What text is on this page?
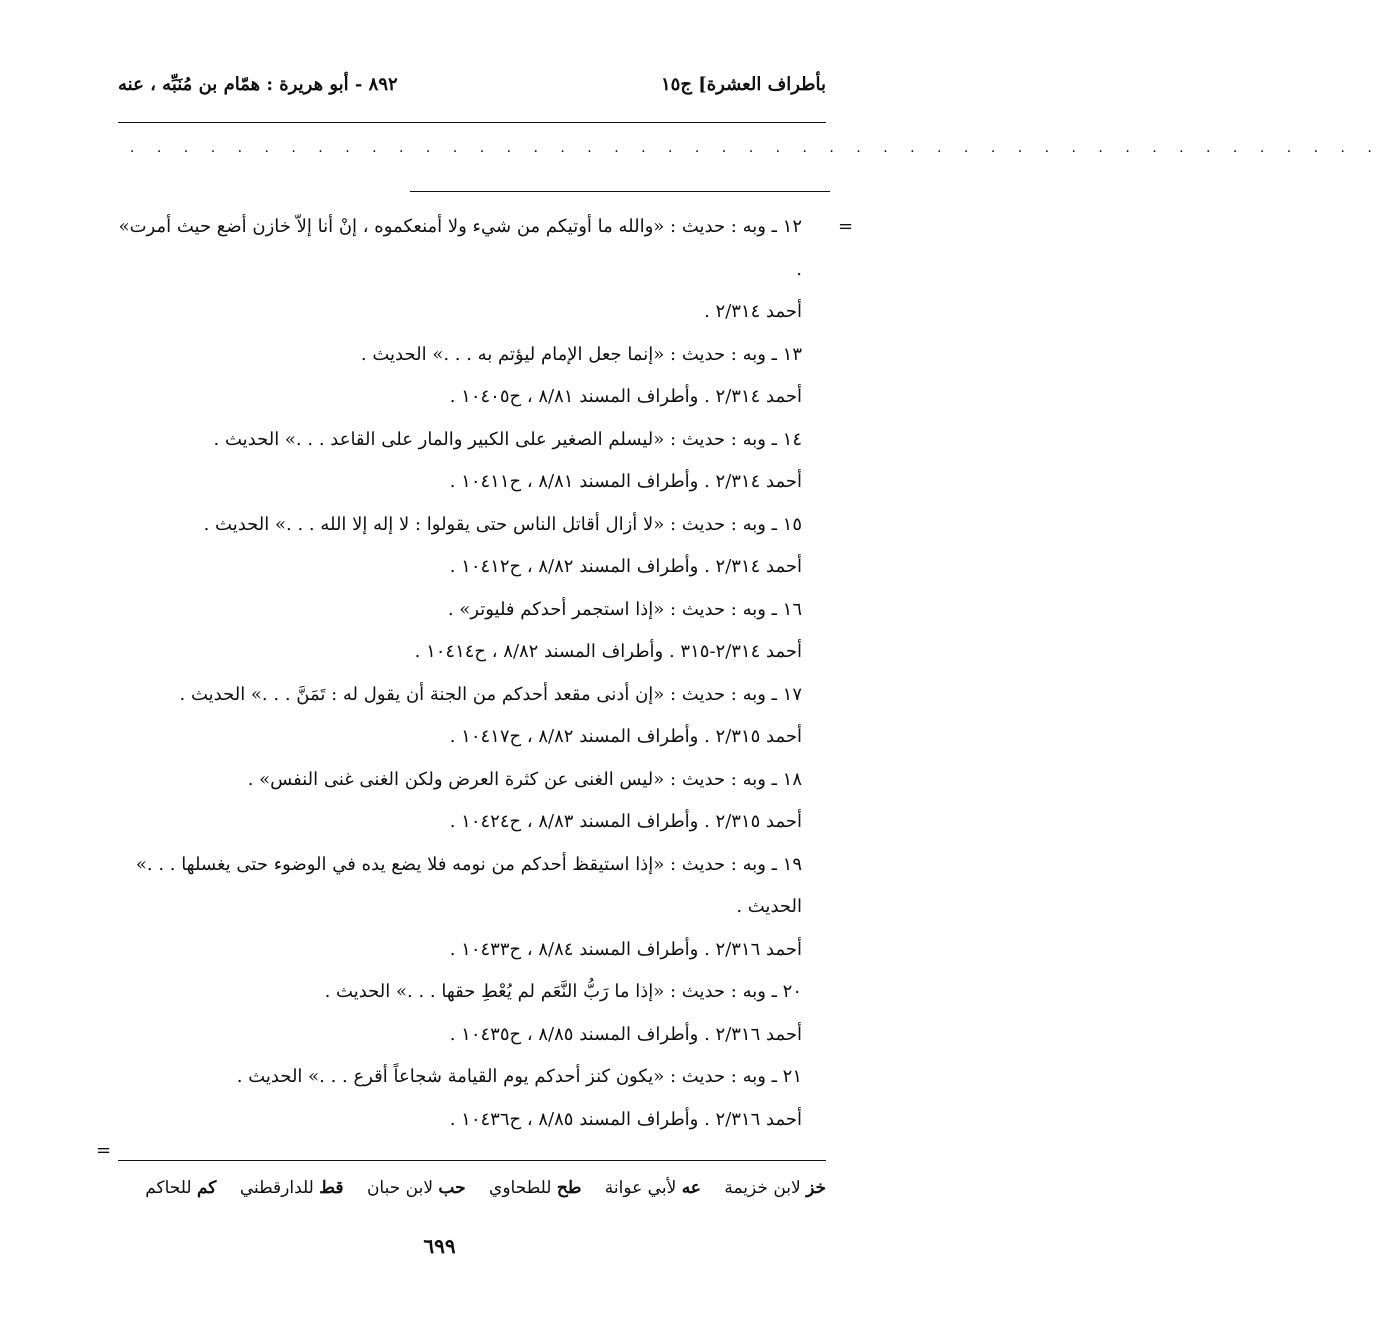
بأطراف العشرة] ج١٥
٨٩٢ - أبو هريرة : همّام بن مُنَبِّه ، عنه
. . . . . . . . . . . . . . . . . . . . . . . . . . . . . . . . . . . . . . . . . . . . . . .
=

١٢ ـ وبه : حديث : «والله ما أوتيكم من شيء ولا أمنعكموه ، إنْ أنا إلاّ خازن أضع حيث أمرت» .

أحمد ٢/٣١٤ .

١٣ ـ وبه : حديث : «إنما جعل الإمام ليؤتم به . . .» الحديث .

أحمد ٢/٣١٤ . وأطراف المسند ٨/٨١ ، ح١٠٤٠٥ .

١٤ ـ وبه : حديث : «ليسلم الصغير على الكبير والمار على القاعد . . .» الحديث .

أحمد ٢/٣١٤ . وأطراف المسند ٨/٨١ ، ح١٠٤١١ .

١٥ ـ وبه : حديث : «لا أزال أقاتل الناس حتى يقولوا : لا إله إلا الله . . .» الحديث .

أحمد ٢/٣١٤ . وأطراف المسند ٨/٨٢ ، ح١٠٤١٢ .

١٦ ـ وبه : حديث : «إذا استجمر أحدكم فليوتر» .

أحمد ٢/٣١٤-٣١٥ . وأطراف المسند ٨/٨٢ ، ح١٠٤١٤ .

١٧ ـ وبه : حديث : «إن أدنى مقعد أحدكم من الجنة أن يقول له : تَمَنَّ . . .» الحديث .

أحمد ٢/٣١٥ . وأطراف المسند ٨/٨٢ ، ح١٠٤١٧ .

١٨ ـ وبه : حديث : «ليس الغنى عن كثرة العرض ولكن الغنى غنى النفس» .

أحمد ٢/٣١٥ . وأطراف المسند ٨/٨٣ ، ح١٠٤٢٤ .

١٩ ـ وبه : حديث : «إذا استيقظ أحدكم من نومه فلا يضع يده في الوضوء حتى يغسلها . . .» الحديث .

أحمد ٢/٣١٦ . وأطراف المسند ٨/٨٤ ، ح١٠٤٣٣ .

٢٠ ـ وبه : حديث : «إذا ما رَبُّ النَّعَم لم يُعْطِ حقها . . .» الحديث .

أحمد ٢/٣١٦ . وأطراف المسند ٨/٨٥ ، ح١٠٤٣٥ .

٢١ ـ وبه : حديث : «يكون كنز أحدكم يوم القيامة شجاعاً أقرع . . .» الحديث .

أحمد ٢/٣١٦ . وأطراف المسند ٨/٨٥ ، ح١٠٤٣٦ .

=
خز لابن خزيمة عه لأبي عوانة طح للطحاوي حب لابن حبان قط للدارقطني كم للحاكم
٦٩٩
